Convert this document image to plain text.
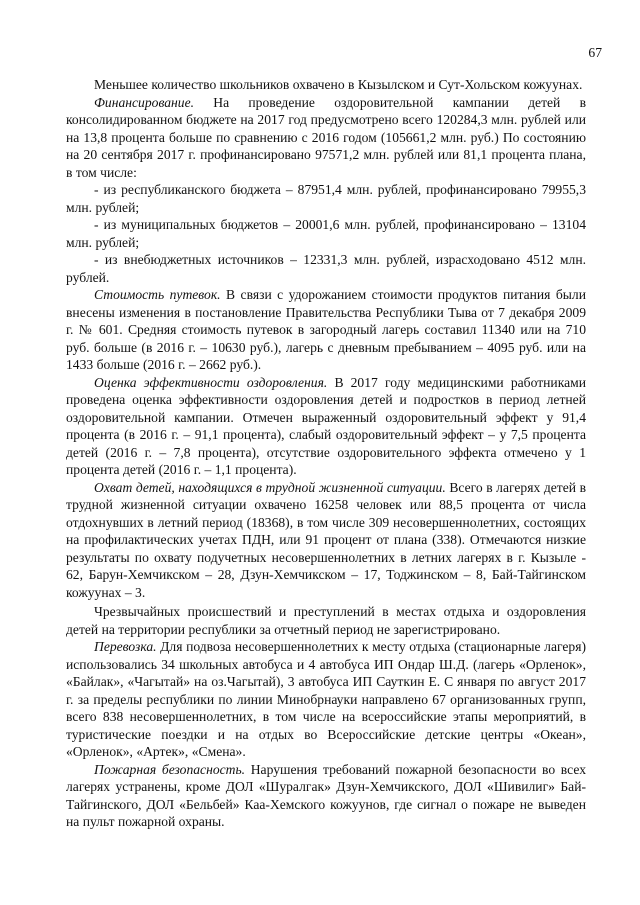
67

Меньшее количество школьников охвачено в Кызылском и Сут-Хольском кожуунах.

Финансирование. На проведение оздоровительной кампании детей в консолидированном бюджете на 2017 год предусмотрено всего 120284,3 млн. рублей или на 13,8 процента больше по сравнению с 2016 годом (105661,2 млн. руб.) По состоянию на 20 сентября 2017 г. профинансировано 97571,2 млн. рублей или 81,1 процента плана, в том числе:

- из республиканского бюджета – 87951,4 млн. рублей, профинансировано 79955,3 млн. рублей;

- из муниципальных бюджетов – 20001,6 млн. рублей, профинансировано – 13104 млн. рублей;

- из внебюджетных источников – 12331,3 млн. рублей, израсходовано 4512 млн. рублей.

Стоимость путевок. В связи с удорожанием стоимости продуктов питания были внесены изменения в постановление Правительства Республики Тыва от 7 декабря 2009 г. № 601. Средняя стоимость путевок в загородный лагерь составил 11340 или на 710 руб. больше (в 2016 г. – 10630 руб.), лагерь с дневным пребыванием – 4095 руб. или на 1433 больше (2016 г. – 2662 руб.).

Оценка эффективности оздоровления. В 2017 году медицинскими работниками проведена оценка эффективности оздоровления детей и подростков в период летней оздоровительной кампании. Отмечен выраженный оздоровительный эффект у 91,4 процента (в 2016 г. – 91,1 процента), слабый оздоровительный эффект – у 7,5 процента детей (2016 г. – 7,8 процента), отсутствие оздоровительного эффекта отмечено у 1 процента детей (2016 г. – 1,1 процента).

Охват детей, находящихся в трудной жизненной ситуации. Всего в лагерях детей в трудной жизненной ситуации охвачено 16258 человек или 88,5 процента от числа отдохнувших в летний период (18368), в том числе 309 несовершеннолетних, состоящих на профилактических учетах ПДН, или 91 процент от плана (338). Отмечаются низкие результаты по охвату подучетных несовершеннолетних в летних лагерях в г. Кызыле - 62, Барун-Хемчикском – 28, Дзун-Хемчикском – 17, Тоджинском – 8, Бай-Тайгинском кожуунах – 3.

Чрезвычайных происшествий и преступлений в местах отдыха и оздоровления детей на территории республики за отчетный период не зарегистрировано.

Перевозка. Для подвоза несовершеннолетних к месту отдыха (стационарные лагеря) использовались 34 школьных автобуса и 4 автобуса ИП Ондар Ш.Д. (лагерь «Орленок», «Байлак», «Чагытай» на оз.Чагытай), 3 автобуса ИП Сауткин Е. С января по август 2017 г. за пределы республики по линии Минобрнауки направлено 67 организованных групп, всего 838 несовершеннолетних, в том числе на всероссийские этапы мероприятий, в туристические поездки и на отдых во Всероссийские детские центры «Океан», «Орленок», «Артек», «Смена».

Пожарная безопасность. Нарушения требований пожарной безопасности во всех лагерях устранены, кроме ДОЛ «Шуралгак» Дзун-Хемчикского, ДОЛ «Шивилиг» Бай-Тайгинского, ДОЛ «Бельбей» Каа-Хемского кожуунов, где сигнал о пожаре не выведен на пульт пожарной охраны.
